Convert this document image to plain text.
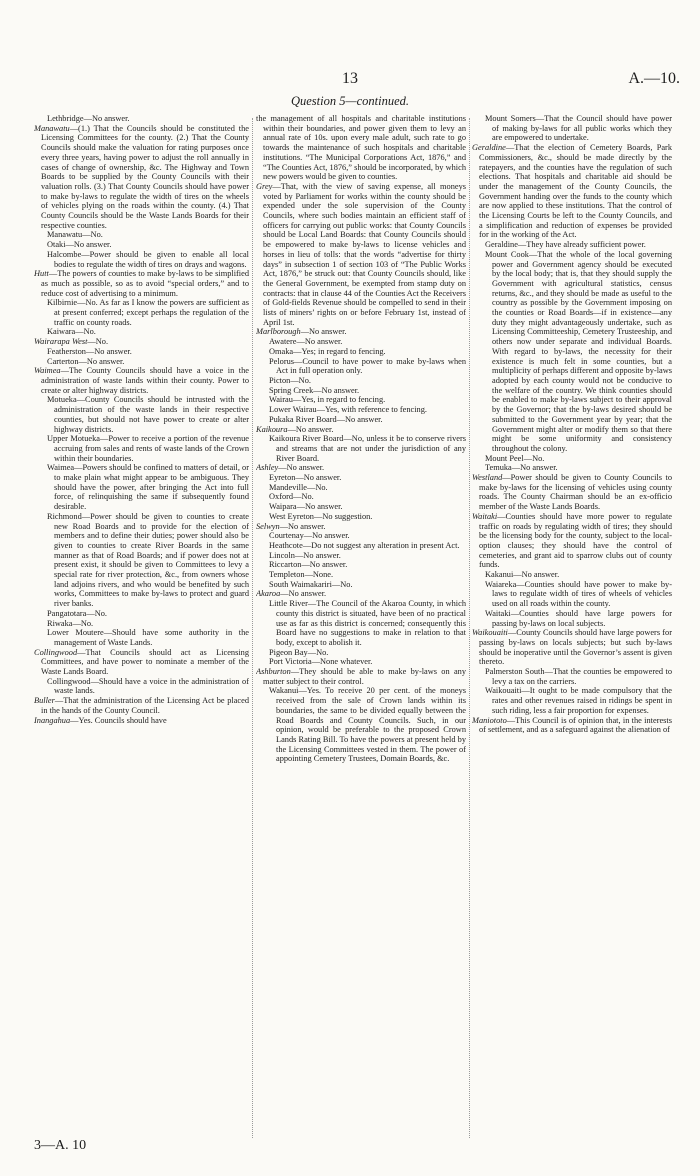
13	A.—10.
Question 5—continued.

Lethbridge—No answer.

Manawatu—(1.) That the Councils should be constituted the Licensing Committees for the county. (2.) That the County Councils should make the valuation for rating purposes once every three years, having power to adjust the roll annually in cases of change of ownership, &c. The Highway and Town Boards to be supplied by the County Councils with their valuation rolls. (3.) That County Councils should have power to make by-laws to regulate the width of tires on the wheels of vehicles plying on the roads within the county. (4.) That County Councils should be the Waste Lands Boards for their respective counties.

Manawatu—No.

Otaki—No answer.

Halcombe—Power should be given to enable all local bodies to regulate the width of tires on drays and wagons.

Hutt—The powers of counties to make by-laws to be simplified as much as possible, so as to avoid “special orders,” and to reduce cost of advertising to a minimum.

Kilbirnie—No. As far as I know the powers are sufficient as at present conferred; except perhaps the regulation of the traffic on county roads.

Kaiwara—No.

Wairarapa West—No.

Featherston—No answer.

Carterton—No answer.

Waimea—The County Councils should have a voice in the administration of waste lands within their county. Power to create or alter highway districts.

Motueka—County Councils should be intrusted with the administration of the waste lands in their respective counties, but should not have power to create or alter highway districts.

Upper Motueka—Power to receive a portion of the revenue accruing from sales and rents of waste lands of the Crown within their boundaries.

Waimea—Powers should be confined to matters of detail, or to make plain what might appear to be ambiguous. They should have the power, after bringing the Act into full force, of relinquishing the same if subsequently found desirable.

Richmond—Power should be given to counties to create new Road Boards and to provide for the election of members and to define their duties; power should also be given to counties to create River Boards in the same manner as that of Road Boards; and if power does not at present exist, it should be given to Committees to levy a special rate for river protection, &c., from owners whose land adjoins rivers, and who would be benefited by such works, Committees to make by-laws to protect and guard river banks.

Pangatotara—No.

Riwaka—No.

Lower Moutere—Should have some authority in the management of Waste Lands.

Collingwood—That Councils should act as Licensing Committees, and have power to nominate a member of the Waste Lands Board.

Collingwood—Should have a voice in the administration of waste lands.

Buller—That the administration of the Licensing Act be placed in the hands of the County Council.

Inangahua—Yes. Councils should have

the management of all hospitals and charitable institutions within their boundaries, and power given them to levy an annual rate of 10s. upon every male adult, such rate to go towards the maintenance of such hospitals and charitable institutions. “The Municipal Corporations Act, 1876,” and “The Counties Act, 1876,” should be incorporated, by which new powers would be given to counties.

Grey—That, with the view of saving expense, all moneys voted by Parliament for works within the county should be expended under the sole supervision of the County Councils, where such bodies maintain an efficient staff of officers for carrying out public works: that County Councils should be Local Land Boards: that County Councils should be empowered to make by-laws to license vehicles and horses in lieu of tolls: that the words “advertise for thirty days” in subsection 1 of section 103 of “The Public Works Act, 1876,” be struck out: that County Councils should, like the General Government, be exempted from stamp duty on contracts: that in clause 44 of the Counties Act the Receivers of Gold-fields Revenue should be compelled to send in their lists of miners’ rights on or before February 1st, instead of April 1st.

Marlborough—No answer.

Awatere—No answer.

Omaka—Yes; in regard to fencing.

Pelorus—Council to have power to make by-laws when Act in full operation only.

Picton—No.

Spring Creek—No answer.

Wairau—Yes, in regard to fencing.

Lower Wairau—Yes, with reference to fencing.

Pukaka River Board—No answer.

Kaikoura—No answer.

Kaikoura River Board—No, unless it be to conserve rivers and streams that are not under the jurisdiction of any River Board.

Ashley—No answer.

Eyreton—No answer.

Mandeville—No.

Oxford—No.

Waipara—No answer.

West Eyreton—No suggestion.

Selwyn—No answer.

Courtenay—No answer.

Heathcote—Do not suggest any alteration in present Act.

Lincoln—No answer.

Riccarton—No answer.

Templeton—None.

South Waimakariri—No.

Akaroa—No answer.

Little River—The Council of the Akaroa County, in which county this district is situated, have been of no practical use as far as this district is concerned; consequently this Board have no suggestions to make in relation to that body, except to abolish it.

Pigeon Bay—No.

Port Victoria—None whatever.

Ashburton—They should be able to make by-laws on any matter subject to their control.

Wakanui—Yes. To receive 20 per cent. of the moneys received from the sale of Crown lands within its boundaries, the same to be divided equally between the Road Boards and County Councils. Such, in our opinion, would be preferable to the proposed Crown Lands Rating Bill. To have the powers at present held by the Licensing Committees vested in them. The power of appointing Cemetery Trustees, Domain Boards, &c.

Mount Somers—That the Council should have power of making by-laws for all public works which they are empowered to undertake.

Geraldine—That the election of Cemetery Boards, Park Commissioners, &c., should be made directly by the ratepayers, and the counties have the regulation of such elections. That hospitals and charitable aid should be under the management of the County Councils, the Government handing over the funds to the county which are now applied to these institutions. That the control of the Licensing Courts be left to the County Councils, and a simplification and reduction of expenses be provided for in the working of the Act.

Geraldine—They have already sufficient power.

Mount Cook—That the whole of the local governing power and Government agency should be executed by the local body; that is, that they should supply the Government with agricultural statistics, census returns, &c., and they should be made as useful to the country as possible by the Government imposing on the counties or Road Boards—if in existence—any duty they might advantageously undertake, such as Licensing Committeeship, Cemetery Trusteeship, and others now under separate and individual Boards. With regard to by-laws, the necessity for their existence is much felt in some counties, but a multiplicity of perhaps different and opposite by-laws adopted by each county would not be conducive to the welfare of the country. We think counties should be enabled to make by-laws subject to their approval by the Governor; that the by-laws desired should be submitted to the Government year by year; that the Government might alter or modify them so that there might be some uniformity and consistency throughout the colony.

Mount Peel—No.

Temuka—No answer.

Westland—Power should be given to County Councils to make by-laws for the licensing of vehicles using county roads. The County Chairman should be an ex-officio member of the Waste Lands Boards.

Waitaki—Counties should have more power to regulate traffic on roads by regulating width of tires; they should be the licensing body for the county, subject to the local-option clauses; they should have the control of cemeteries, and grant aid to sparrow clubs out of county funds.

Kakanui—No answer.

Waiareka—Counties should have power to make by-laws to regulate width of tires of wheels of vehicles used on all roads within the county.

Waitaki—Counties should have large powers for passing by-laws on local subjects.

Waikouaiti—County Councils should have large powers for passing by-laws on locals subjects; but such by-laws should be inoperative until the Governor’s assent is given thereto.

Palmerston South—That the counties be empowered to levy a tax on the carriers.

Waikouaiti—It ought to be made compulsory that the rates and other revenues raised in ridings be spent in such riding, less a fair proportion for expenses.

Maniototo—This Council is of opinion that, in the interests of settlement, and as a safeguard against the alienation of

3—A. 10
